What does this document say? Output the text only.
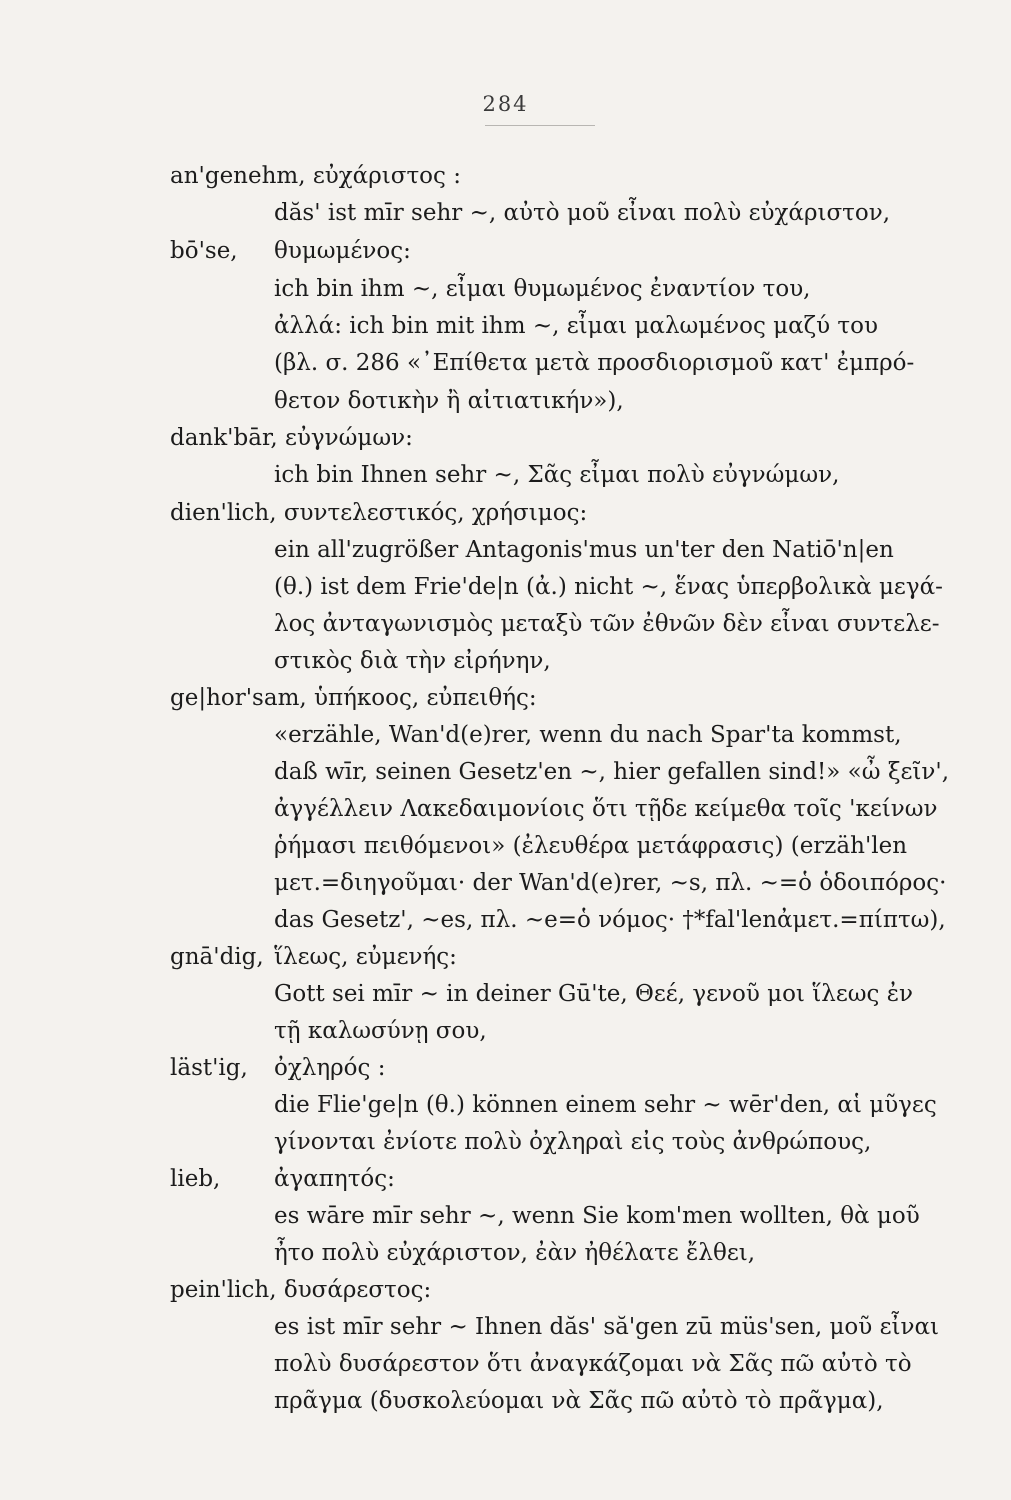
284
an'genehm, εὐχάριστος :
dăs' ist mīr sehr ~, αὐτὸ μοῦ εἶναι πολὺ εὐχάριστον,
bō'se, θυμωμένος:
ich bin ihm ~, εἶμαι θυμωμένος ἐναντίον του,
ἀλλά: ich bin mit ihm ~, εἶμαι μαλωμένος μαζύ του
(βλ. σ. 286 «᾿Επίθετα μετὰ προσδιορισμοῦ κατ' ἐμπρό-
θετον δοτικὴν ἢ αἰτιατικήν»),
dank'bār, εὐγνώμων:
ich bin Ihnen sehr ~, Σᾶς εἶμαι πολὺ εὐγνώμων,
dien'lich, συντελεστικός, χρήσιμος:
ein all'zugrößer Antagonis'mus un'ter den Natiō'n|en
(θ.) ist dem Frie'de|n (ἀ.) nicht ~, ἕνας ὑπερβολικὰ μεγά-
λος ἀνταγωνισμὸς μεταξὺ τῶν ἐθνῶν δὲν εἶναι συντελε-
στικὸς διὰ τὴν εἰρήνην,
ge|hor'sam, ὑπήκοος, εὐπειθής:
«erzähle, Wan'd(e)rer, wenn du nach Spar'ta kommst,
daß wīr, seinen Gesetz'en ~, hier gefallen sind!» «ὦ ξεῖν',
ἀγγέλλειν Λακεδαιμονίοις ὅτι τῇδε κείμεθα τοῖς 'κείνων
ῥήμασι πειθόμενοι» (ἐλευθέρα μετάφρασις) (erzäh'len
μετ.=διηγοῦμαι· der Wan'd(e)rer, ~s, πλ. ~=ὁ ὁδοιπόρος·
das Gesetz', ~es, πλ. ~e=ὁ νόμος· †*fal'lenἀμετ.=πίπτω),
gnā'dig, ἵλεως, εὐμενής:
Gott sei mīr ~ in deiner Gū'te, Θεέ, γενοῦ μοι ἵλεως ἐν
τῇ καλωσύνῃ σου,
läst'ig, ὀχληρός :
die Flie'ge|n (θ.) können einem sehr ~ wēr'den, αἱ μῦγες
γίνονται ἐνίοτε πολὺ ὀχληραὶ εἰς τοὺς ἀνθρώπους,
lieb, ἀγαπητός:
es wāre mīr sehr ~, wenn Sie kom'men wollten, θὰ μοῦ
ἦτο πολὺ εὐχάριστον, ἐὰν ἠθέλατε ἔλθει,
pein'lich, δυσάρεστος:
es ist mīr sehr ~ Ihnen dăs' să'gen zū müs'sen, μοῦ εἶναι
πολὺ δυσάρεστον ὅτι ἀναγκάζομαι νὰ Σᾶς πῶ αὐτὸ τὸ
πρᾶγμα (δυσκολεύομαι νὰ Σᾶς πῶ αὐτὸ τὸ πρᾶγμα),
